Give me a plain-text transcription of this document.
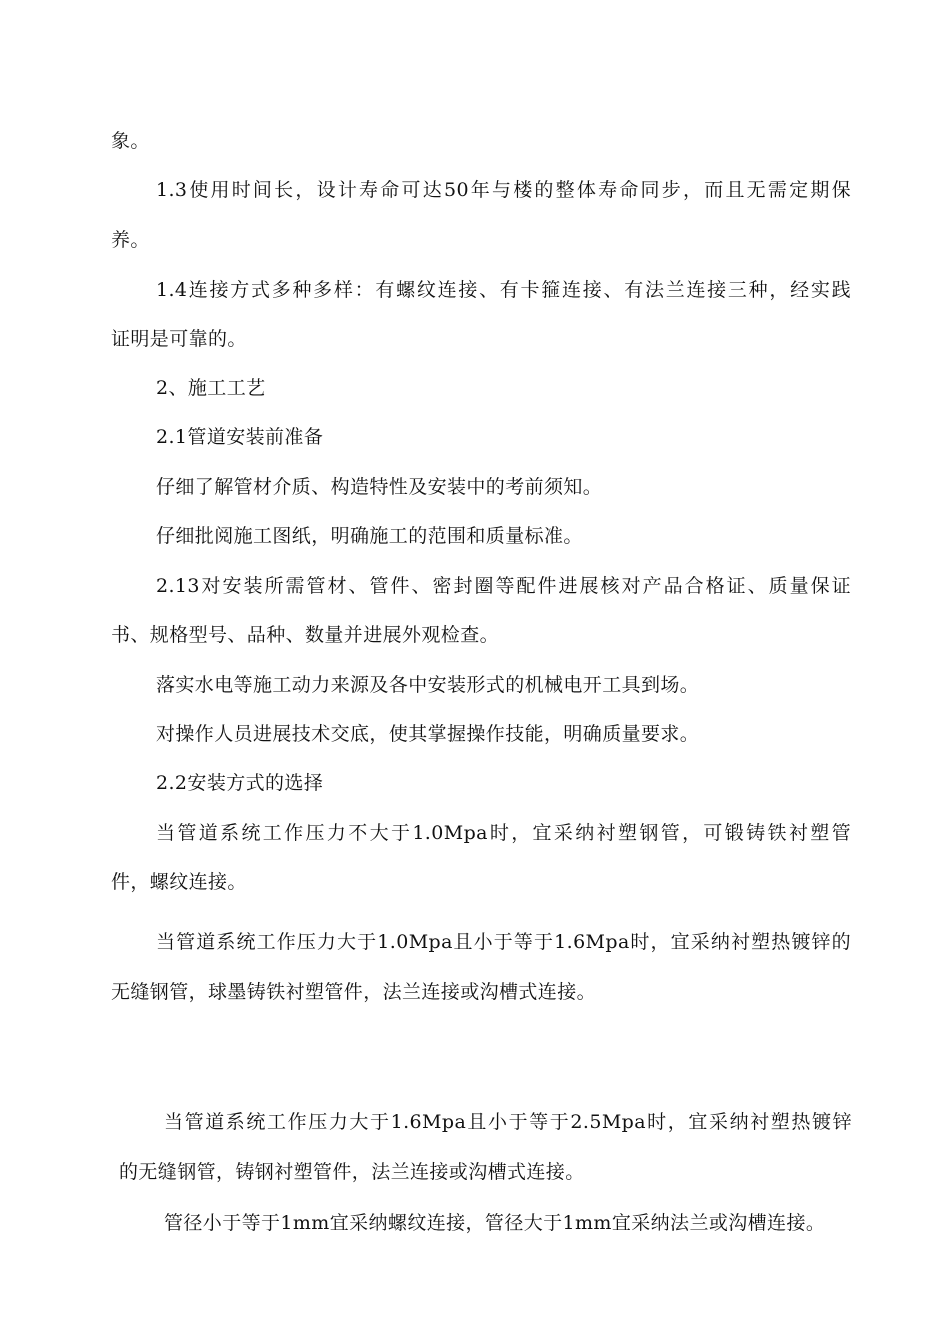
象。
1.3使用时间长，设计寿命可达50年与楼的整体寿命同步，而且无需定期保
养。
1.4连接方式多种多样：有螺纹连接、有卡箍连接、有法兰连接三种，经实践
证明是可靠的。
2、施工工艺
2.1管道安装前准备
仔细了解管材介质、构造特性及安装中的考前须知。
仔细批阅施工图纸，明确施工的范围和质量标准。
2.13对安装所需管材、管件、密封圈等配件进展核对产品合格证、质量保证
书、规格型号、品种、数量并进展外观检查。
落实水电等施工动力来源及各中安装形式的机械电开工具到场。
对操作人员进展技术交底，使其掌握操作技能，明确质量要求。
2.2安装方式的选择
当管道系统工作压力不大于1.0Mpa时，宜采纳衬塑钢管，可锻铸铁衬塑管
件，螺纹连接。
当管道系统工作压力大于1.0Mpa且小于等于1.6Mpa时，宜采纳衬塑热镀锌的
无缝钢管，球墨铸铁衬塑管件，法兰连接或沟槽式连接。
当管道系统工作压力大于1.6Mpa且小于等于2.5Mpa时，宜采纳衬塑热镀锌
的无缝钢管，铸钢衬塑管件，法兰连接或沟槽式连接。
管径小于等于1mm宜采纳螺纹连接，管径大于1mm宜采纳法兰或沟槽连接。
